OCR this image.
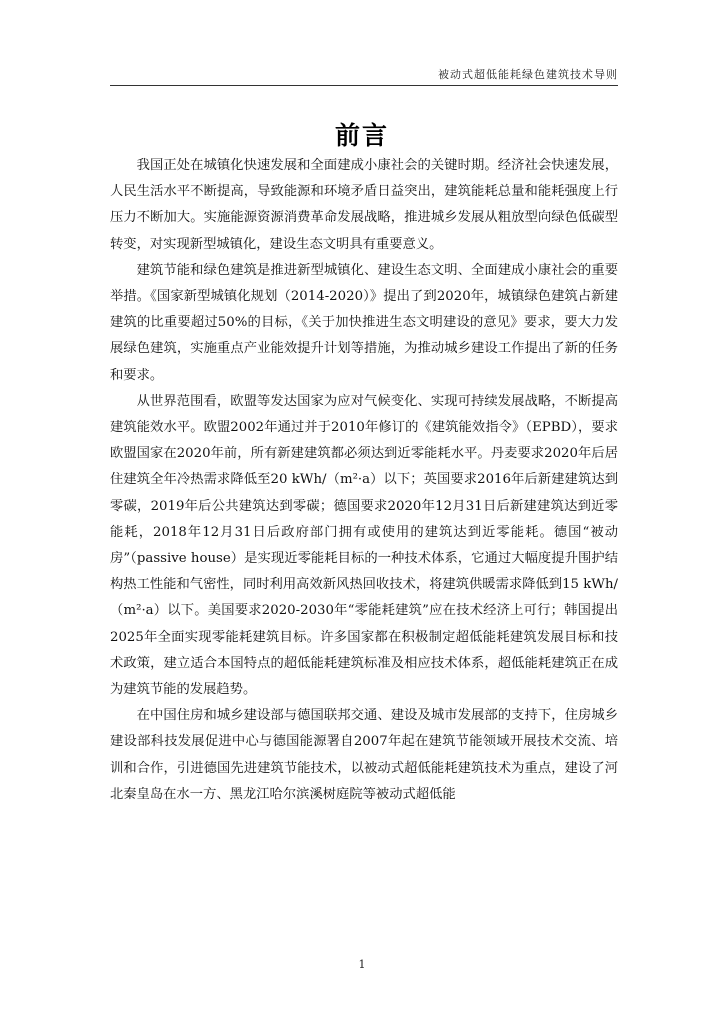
被动式超低能耗绿色建筑技术导则
前言

我国正处在城镇化快速发展和全面建成小康社会的关键时期。经济社会快速发展，人民生活水平不断提高，导致能源和环境矛盾日益突出，建筑能耗总量和能耗强度上行压力不断加大。实施能源资源消费革命发展战略，推进城乡发展从粗放型向绿色低碳型转变，对实现新型城镇化，建设生态文明具有重要意义。

建筑节能和绿色建筑是推进新型城镇化、建设生态文明、全面建成小康社会的重要举措。《国家新型城镇化规划（2014-2020）》提出了到2020年，城镇绿色建筑占新建建筑的比重要超过50%的目标，《关于加快推进生态文明建设的意见》要求，要大力发展绿色建筑，实施重点产业能效提升计划等措施，为推动城乡建设工作提出了新的任务和要求。

从世界范围看，欧盟等发达国家为应对气候变化、实现可持续发展战略，不断提高建筑能效水平。欧盟2002年通过并于2010年修订的《建筑能效指令》（EPBD），要求欧盟国家在2020年前，所有新建建筑都必须达到近零能耗水平。丹麦要求2020年后居住建筑全年冷热需求降低至20 kWh/（m²·a）以下；英国要求2016年后新建建筑达到零碳，2019年后公共建筑达到零碳；德国要求2020年12月31日后新建建筑达到近零能耗，2018年12月31日后政府部门拥有或使用的建筑达到近零能耗。德国“被动房”（passive house）是实现近零能耗目标的一种技术体系，它通过大幅度提升围护结构热工性能和气密性，同时利用高效新风热回收技术，将建筑供暖需求降低到15 kWh/（m²·a）以下。美国要求2020-2030年“零能耗建筑”应在技术经济上可行；韩国提出2025年全面实现零能耗建筑目标。许多国家都在积极制定超低能耗建筑发展目标和技术政策，建立适合本国特点的超低能耗建筑标准及相应技术体系，超低能耗建筑正在成为建筑节能的发展趋势。

在中国住房和城乡建设部与德国联邦交通、建设及城市发展部的支持下，住房城乡建设部科技发展促进中心与德国能源署自2007年起在建筑节能领域开展技术交流、培训和合作，引进德国先进建筑节能技术，以被动式超低能耗建筑技术为重点，建设了河北秦皇岛在水一方、黑龙江哈尔滨溪树庭院等被动式超低能

1
